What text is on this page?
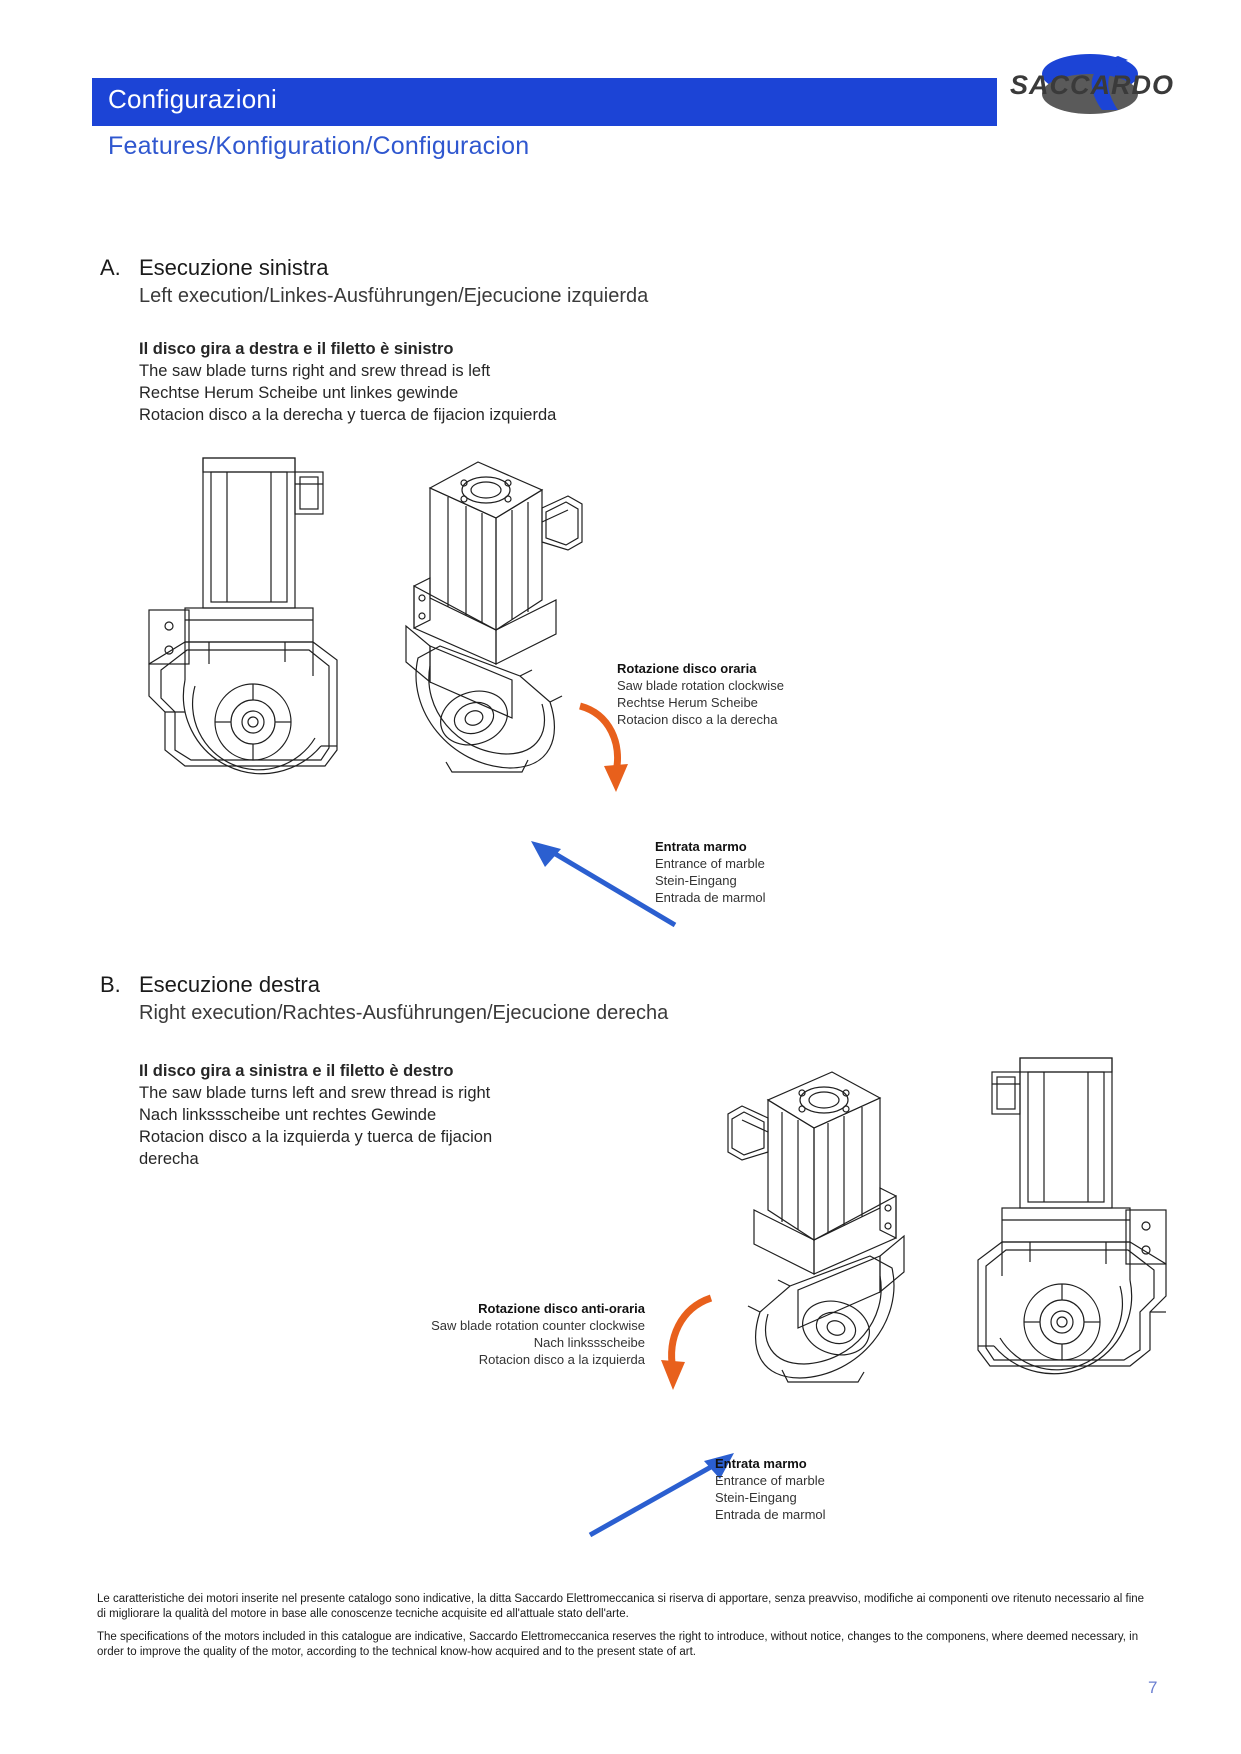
Configurazioni
Features/Konfiguration/Configuracion
SACCARDO
A. Esecuzione sinistra
Left execution/Linkes-Ausführungen/Ejecucione izquierda
Il disco gira a destra e il filetto è sinistro
The saw blade turns right and srew thread is left
Rechtse Herum Scheibe unt linkes gewinde
Rotacion disco a la derecha y tuerca de fijacion izquierda
Rotazione disco oraria
Saw blade rotation clockwise
Rechtse Herum Scheibe
Rotacion disco a la derecha
Entrata marmo
Entrance of marble
Stein-Eingang
Entrada de marmol
B. Esecuzione destra
Right execution/Rachtes-Ausführungen/Ejecucione derecha
Il disco gira a sinistra e il filetto è destro
The saw blade turns left and srew thread is right
Nach linkssscheibe unt rechtes Gewinde
Rotacion disco a la izquierda y tuerca de fijacion
derecha
Rotazione disco anti-oraria
Saw blade rotation counter clockwise
Nach linkssscheibe
Rotacion disco a la izquierda
Entrata marmo
Entrance of marble
Stein-Eingang
Entrada de marmol

Le caratteristiche dei motori inserite nel presente catalogo sono indicative, la ditta Saccardo Elettromeccanica si riserva di apportare, senza preavviso, modifiche ai componenti ove ritenuto necessario al fine di migliorare la qualità del motore in base alle conoscenze tecniche acquisite ed all'attuale stato dell'arte.

The specifications of the motors included in this catalogue are indicative, Saccardo Elettromeccanica reserves the right to introduce, without notice, changes to the componens, where deemed necessary, in order to improve the quality of the motor, according to the technical know-how acquired and to the present state of art.

7
